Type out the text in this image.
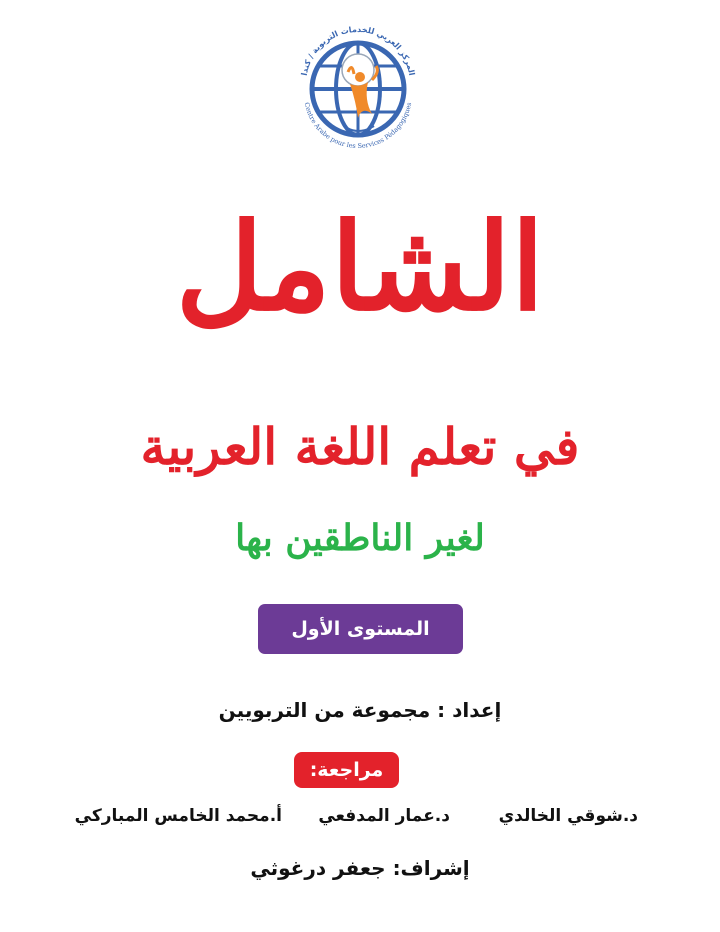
المركز العربي للخدمات التربوية / كندا
Centre Arabe pour les Services Pédagogiques
الشامل
في تعلم اللغة العربية
لغير الناطقين بها
المستوى الأول
إعداد : مجموعة من التربويين
مراجعة:
د.شوقي الخالدي
د.عمار المدفعي
أ.محمد الخامس المباركي
إشراف: جعفر درغوثي
